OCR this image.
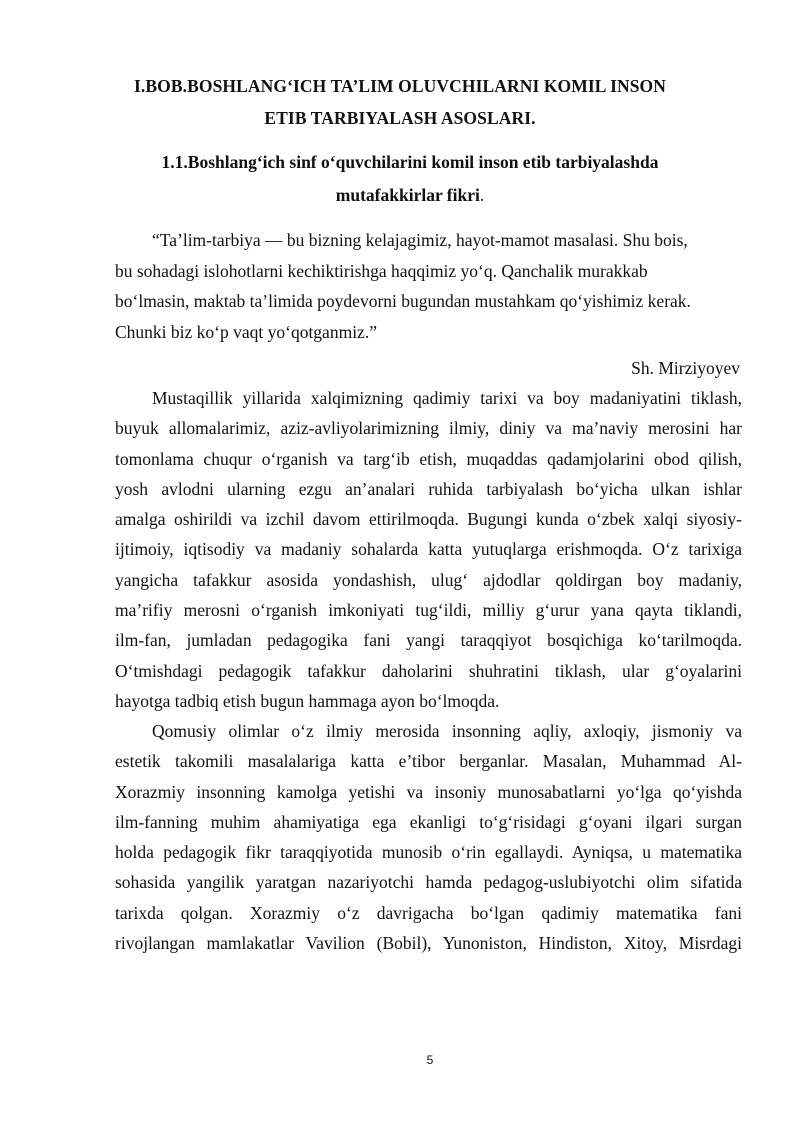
I.BOB.BOSHLANG‘ICH TA’LIM OLUVCHILARNI KOMIL INSON
ETIB TARBIYALASH ASOSLARI.
1.1.Boshlang‘ich sinf o‘quvchilarini komil inson etib tarbiyalashda
mutafakkirlar fikri.
“Ta’lim-tarbiya — bu bizning kelajagimiz, hayot-mamot masalasi. Shu bois,
bu sohadagi islohotlarni kechiktirishga haqqimiz yo‘q. Qanchalik murakkab
bo‘lmasin, maktab ta’limida poydevorni bugundan mustahkam qo‘yishimiz kerak.
Chunki biz ko‘p vaqt yo‘qotganmiz.”
Sh. Mirziyoyev
Mustaqillik yillarida xalqimizning qadimiy tarixi va boy madaniyatini tiklash,
buyuk allomalarimiz, aziz-avliyolarimizning ilmiy, diniy va ma’naviy merosini har
tomonlama chuqur o‘rganish va targ‘ib etish, muqaddas qadamjolarini obod qilish,
yosh avlodni ularning ezgu an’analari ruhida tarbiyalash bo‘yicha ulkan ishlar
amalga oshirildi va izchil davom ettirilmoqda. Bugungi kunda o‘zbek xalqi siyosiy-
ijtimoiy, iqtisodiy va madaniy sohalarda katta yutuqlarga erishmoqda. O‘z tarixiga
yangicha tafakkur asosida yondashish, ulug‘ ajdodlar qoldirgan boy madaniy,
ma’rifiy merosni o‘rganish imkoniyati tug‘ildi, milliy g‘urur yana qayta tiklandi,
ilm-fan, jumladan pedagogika fani yangi taraqqiyot bosqichiga ko‘tarilmoqda.
O‘tmishdagi pedagogik tafakkur daholarini shuhratini tiklash, ular g‘oyalarini
hayotga tadbiq etish bugun hammaga ayon bo‘lmoqda.
Qomusiy olimlar o‘z ilmiy merosida insonning aqliy, axloqiy, jismoniy va
estetik takomili masalalariga katta e’tibor berganlar. Masalan, Muhammad Al-
Xorazmiy insonning kamolga yetishi va insoniy munosabatlarni yo‘lga qo‘yishda
ilm-fanning muhim ahamiyatiga ega ekanligi to‘g‘risidagi g‘oyani ilgari surgan
holda pedagogik fikr taraqqiyotida munosib o‘rin egallaydi. Ayniqsa, u matematika
sohasida yangilik yaratgan nazariyotchi hamda pedagog-uslubiyotchi olim sifatida
tarixda qolgan. Xorazmiy o‘z davrigacha bo‘lgan qadimiy matematika fani
rivojlangan mamlakatlar Vavilion (Bobil), Yunoniston, Hindiston, Xitoy, Misrdagi
5
